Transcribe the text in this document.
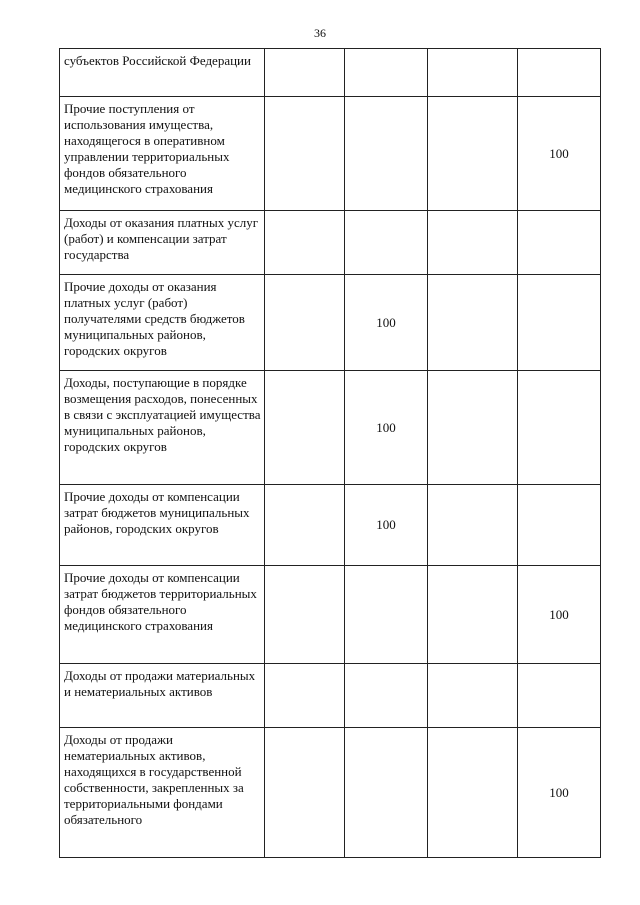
36
субъектов Российской Федерации				
Прочие поступления от использования имущества, находящегося в оперативном управлении территориальных фондов обязательного медицинского страхования				100
Доходы от оказания платных услуг (работ) и компенсации затрат государства				
Прочие доходы от оказания платных услуг (работ) получателями средств бюджетов муниципальных районов, городских округов		100		
Доходы, поступающие в порядке возмещения расходов, понесенных в связи с эксплуатацией имущества муниципальных районов, городских округов		100		
Прочие доходы от компенсации затрат бюджетов муниципальных районов, городских округов		100		
Прочие доходы от компенсации затрат бюджетов территориальных фондов обязательного медицинского страхования				100
Доходы от продажи материальных и нематериальных активов				
Доходы от продажи нематериальных активов, находящихся в государственной собственности, закрепленных за территориальными фондами обязательного				100
